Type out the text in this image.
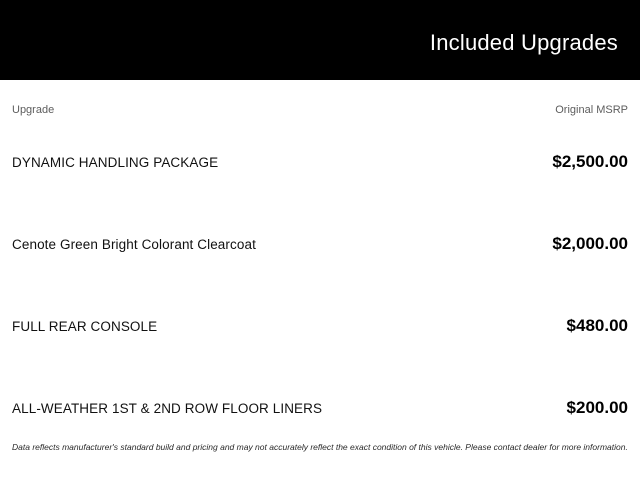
Included Upgrades
Upgrade	Original MSRP
DYNAMIC HANDLING PACKAGE	$2,500.00
Cenote Green Bright Colorant Clearcoat	$2,000.00
FULL REAR CONSOLE	$480.00
ALL-WEATHER 1ST & 2ND ROW FLOOR LINERS	$200.00
Data reflects manufacturer's standard build and pricing and may not accurately reflect the exact condition of this vehicle. Please contact dealer for more information.
